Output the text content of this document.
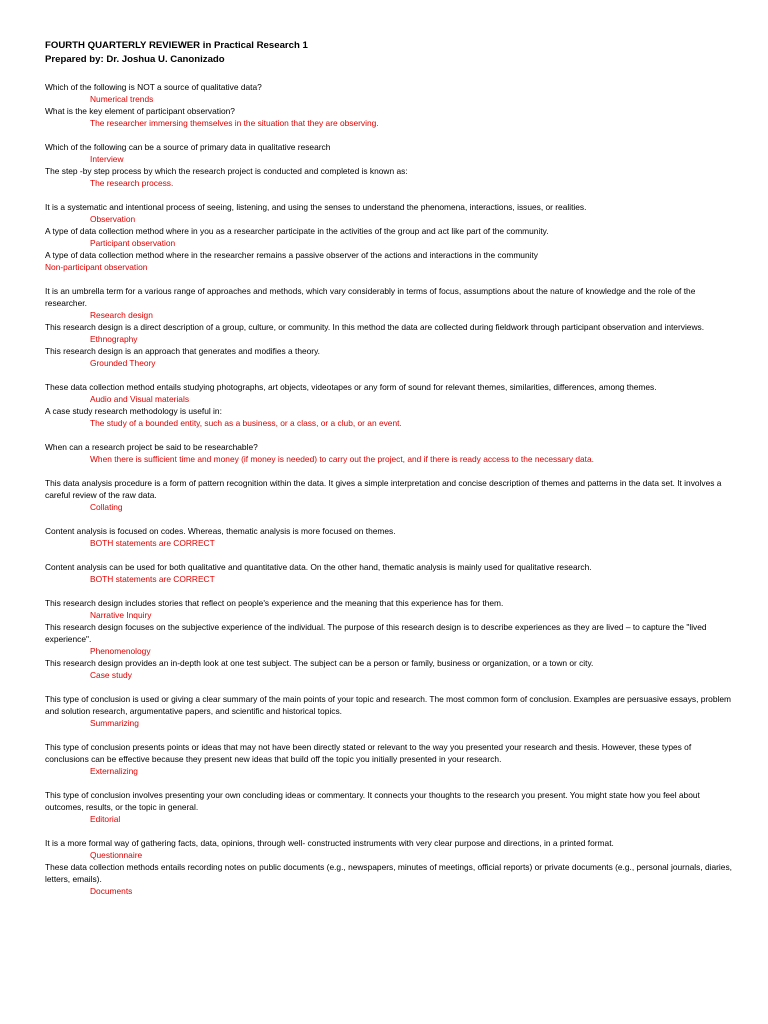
FOURTH QUARTERLY REVIEWER in Practical Research 1

Prepared by: Dr. Joshua U. Canonizado

Which of the following is NOT a source of qualitative data?

Numerical trends

What is the key element of participant observation?

The researcher immersing themselves in the situation that they are observing.

Which of the following can be a source of primary data in qualitative research

Interview

The step -by step process by which the research project is conducted and completed is known as:

The research process.

It is a systematic and intentional process of seeing, listening, and using the senses to understand the phenomena, interactions, issues, or realities.

Observation

A type of data collection method where in you as a researcher participate in the activities of the group and act like part of the community.

Participant observation

A type of data collection method where in the researcher remains a passive observer of the actions and interactions in the community

Non-participant observation

It is an umbrella term for a various range of approaches and methods, which vary considerably in terms of focus, assumptions about the nature of knowledge and the role of the researcher.

Research design

This research design is a direct description of a group, culture, or community. In this method the data are collected during fieldwork through participant observation and interviews.

Ethnography

This research design is an approach that generates and modifies a theory.

Grounded Theory

These data collection method entails studying photographs, art objects, videotapes or any form of sound for relevant themes, similarities, differences, among themes.

Audio and Visual materials

A case study research methodology is useful in:

The study of a bounded entity, such as a business, or a class, or a club, or an event.

When can a research project be said to be researchable?

When there is sufficient time and money (if money is needed) to carry out the project, and if there is ready access to the necessary data.

This data analysis procedure is a form of pattern recognition within the data. It gives a simple interpretation and concise description of themes and patterns in the data set. It involves a careful review of the raw data.

Collating

Content analysis is focused on codes. Whereas, thematic analysis is more focused on themes.

BOTH statements are CORRECT

Content analysis can be used for both qualitative and quantitative data. On the other hand, thematic analysis is mainly used for qualitative research.

BOTH statements are CORRECT

This research design includes stories that reflect on people's experience and the meaning that this experience has for them.

Narrative Inquiry

This research design focuses on the subjective experience of the individual. The purpose of this research design is to describe experiences as they are lived – to capture the "lived experience".

Phenomenology

This research design provides an in-depth look at one test subject. The subject can be a person or family, business or organization, or a town or city.

Case study

This type of conclusion is used or giving a clear summary of the main points of your topic and research. The most common form of conclusion. Examples are persuasive essays, problem and solution research, argumentative papers, and scientific and historical topics.

Summarizing

This type of conclusion presents points or ideas that may not have been directly stated or relevant to the way you presented your research and thesis. However, these types of conclusions can be effective because they present new ideas that build off the topic you initially presented in your research.

Externalizing

This type of conclusion involves presenting your own concluding ideas or commentary. It connects your thoughts to the research you present. You might state how you feel about outcomes, results, or the topic in general.

Editorial

It is a more formal way of gathering facts, data, opinions, through well- constructed instruments with very clear purpose and directions, in a printed format.

Questionnaire

These data collection methods entails recording notes on public documents (e.g., newspapers, minutes of meetings, official reports) or private documents (e.g., personal journals, diaries, letters, emails).

Documents
